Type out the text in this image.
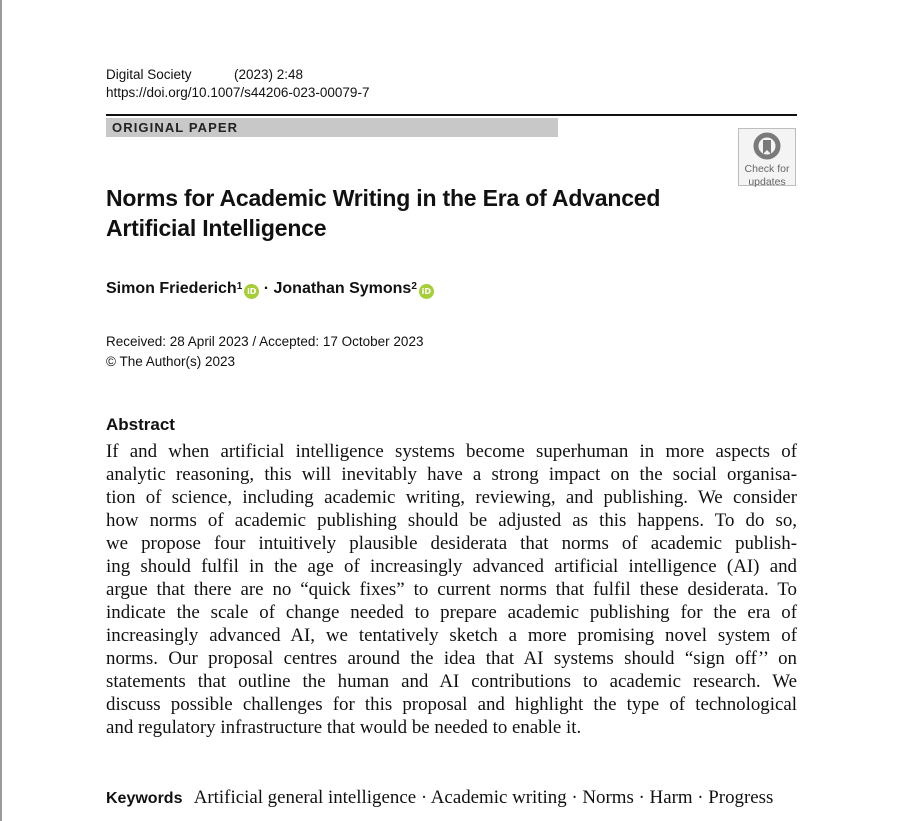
Digital Society	(2023) 2:48
https://doi.org/10.1007/s44206-023-00079-7
ORIGINAL PAPER
Check for
updates
Norms for Academic Writing in the Era of Advanced
Artificial Intelligence
Simon Friederich$^1$ iD · Jonathan Symons$^2$ iD
Received: 28 April 2023 / Accepted: 17 October 2023
© The Author(s) 2023
Abstract
If and when artificial intelligence systems become superhuman in more aspects of
analytic reasoning, this will inevitably have a strong impact on the social organisa-
tion of science, including academic writing, reviewing, and publishing. We consider
how norms of academic publishing should be adjusted as this happens. To do so,
we propose four intuitively plausible desiderata that norms of academic publish-
ing should fulfil in the age of increasingly advanced artificial intelligence (AI) and
argue that there are no “quick fixes” to current norms that fulfil these desiderata. To
indicate the scale of change needed to prepare academic publishing for the era of
increasingly advanced AI, we tentatively sketch a more promising novel system of
norms. Our proposal centres around the idea that AI systems should “sign off’’ on
statements that outline the human and AI contributions to academic research. We
discuss possible challenges for this proposal and highlight the type of technological
and regulatory infrastructure that would be needed to enable it.
Keywords Artificial general intelligence · Academic writing · Norms · Harm · Progress
